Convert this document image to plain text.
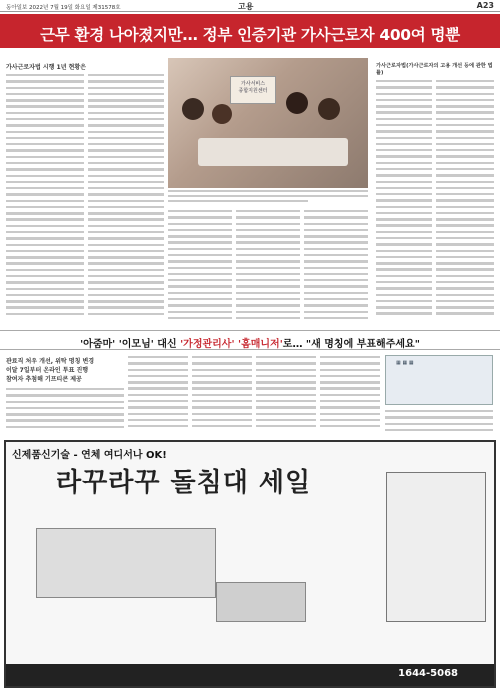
동아일보 2022년 7월 19일 화요일 제31578호	고용	A23
근무 환경 나아졌지만… 정부 인증기관 가사근로자 400여 명뿐
가사근로자법 시행 1년 현황은
가사서비스
종합지원센터
가사근로자법(가사근로자의 고용 개선 등에 관한 법률)
'아줌마' '이모님' 대신 '가정관리사' '홈매니저'로… "새 명칭에 부표해주세요"
관료직 처우 개선, 위탁 명칭 변경
이달 7일부터 온라인 투표 진행
참여자 추첨해 기프티콘 제공
▦ ▦ ▦
신제품신기술 - 연체 여디서나 OK!
라꾸라꾸 돌침대 세일
1644-5068
